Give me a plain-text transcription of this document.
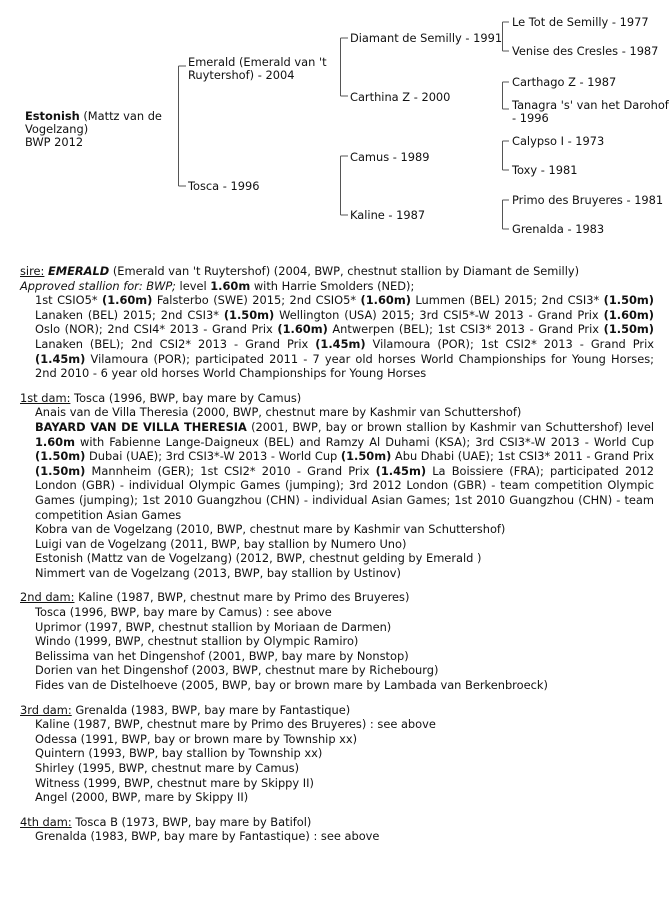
Estonish (Mattz van de
Vogelzang)
BWP 2012
Emerald (Emerald van 't
Ruytershof) - 2004
Tosca - 1996
Diamant de Semilly - 1991
Carthina Z - 2000
Camus - 1989
Kaline - 1987
Le Tot de Semilly - 1977
Venise des Cresles - 1987
Carthago Z - 1987
Tanagra 's' van het Darohof
- 1996
Calypso I - 1973
Toxy - 1981
Primo des Bruyeres - 1981
Grenalda - 1983
sire: EMERALD (Emerald van 't Ruytershof) (2004, BWP, chestnut stallion by Diamant de Semilly)
Approved stallion for: BWP; level 1.60m with Harrie Smolders (NED);
1st CSIO5* (1.60m) Falsterbo (SWE) 2015; 2nd CSIO5* (1.60m) Lummen (BEL) 2015; 2nd CSI3* (1.50m) Lanaken (BEL) 2015; 2nd CSI3* (1.50m) Wellington (USA) 2015; 3rd CSI5*-W 2013 - Grand Prix (1.60m) Oslo (NOR); 2nd CSI4* 2013 - Grand Prix (1.60m) Antwerpen (BEL); 1st CSI3* 2013 - Grand Prix (1.50m) Lanaken (BEL); 2nd CSI2* 2013 - Grand Prix (1.45m) Vilamoura (POR); 1st CSI2* 2013 - Grand Prix (1.45m) Vilamoura (POR); participated 2011 - 7 year old horses World Championships for Young Horses; 2nd 2010 - 6 year old horses World Championships for Young Horses
1st dam: Tosca (1996, BWP, bay mare by Camus)
Anais van de Villa Theresia (2000, BWP, chestnut mare by Kashmir van Schuttershof)
BAYARD VAN DE VILLA THERESIA (2001, BWP, bay or brown stallion by Kashmir van Schuttershof) level 1.60m with Fabienne Lange-Daigneux (BEL) and Ramzy Al Duhami (KSA); 3rd CSI3*-W 2013 - World Cup (1.50m) Dubai (UAE); 3rd CSI3*-W 2013 - World Cup (1.50m) Abu Dhabi (UAE); 1st CSI3* 2011 - Grand Prix (1.50m) Mannheim (GER); 1st CSI2* 2010 - Grand Prix (1.45m) La Boissiere (FRA); participated 2012 London (GBR) - individual Olympic Games (jumping); 3rd 2012 London (GBR) - team competition Olympic Games (jumping); 1st 2010 Guangzhou (CHN) - individual Asian Games; 1st 2010 Guangzhou (CHN) - team competition Asian Games
Kobra van de Vogelzang (2010, BWP, chestnut mare by Kashmir van Schuttershof)
Luigi van de Vogelzang (2011, BWP, bay stallion by Numero Uno)
Estonish (Mattz van de Vogelzang) (2012, BWP, chestnut gelding by Emerald )
Nimmert van de Vogelzang (2013, BWP, bay stallion by Ustinov)
2nd dam: Kaline (1987, BWP, chestnut mare by Primo des Bruyeres)
Tosca (1996, BWP, bay mare by Camus) : see above
Uprimor (1997, BWP, chestnut stallion by Moriaan de Darmen)
Windo (1999, BWP, chestnut stallion by Olympic Ramiro)
Belissima van het Dingenshof (2001, BWP, bay mare by Nonstop)
Dorien van het Dingenshof (2003, BWP, chestnut mare by Richebourg)
Fides van de Distelhoeve (2005, BWP, bay or brown mare by Lambada van Berkenbroeck)
3rd dam: Grenalda (1983, BWP, bay mare by Fantastique)
Kaline (1987, BWP, chestnut mare by Primo des Bruyeres) : see above
Odessa (1991, BWP, bay or brown mare by Township xx)
Quintern (1993, BWP, bay stallion by Township xx)
Shirley (1995, BWP, chestnut mare by Camus)
Witness (1999, BWP, chestnut mare by Skippy II)
Angel (2000, BWP, mare by Skippy II)
4th dam: Tosca B (1973, BWP, bay mare by Batifol)
Grenalda (1983, BWP, bay mare by Fantastique) : see above
